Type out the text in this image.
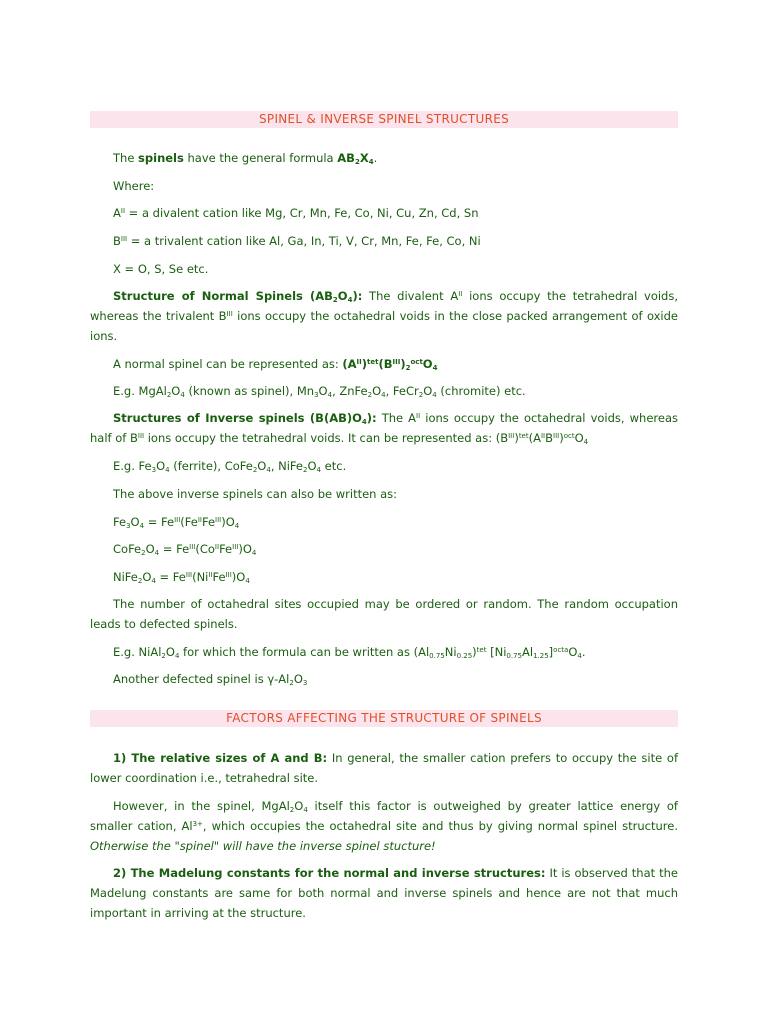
SPINEL & INVERSE SPINEL STRUCTURES

The spinels have the general formula $AB_2X_4$.

Where:

$A^{II} = a$ divalent cation like Mg, Cr, Mn, Fe, Co, Ni, Cu, Zn, Cd, Sn

$B^{III} = a$ trivalent cation like Al, Ga, In, Ti, V, Cr, Mn, Fe, Fe, Co, Ni

X = O, S, Se etc.

Structure of Normal Spinels $(AB_2O_4)$: The divalent $A^{II}$ ions occupy the tetrahedral voids, whereas the trivalent $B^{III}$ ions occupy the octahedral voids in the close packed arrangement of oxide ions.

A normal spinel can be represented as: $(A^{II})^{tet}(B^{III})_2^{oct}O_4$

E.g. $MgAl_2O_4$ (known as spinel), $Mn_3O_4$, $ZnFe_2O_4$, $FeCr_2O_4$ (chromite) etc.

Structures of Inverse spinels $(B(AB)O_4)$: The $A^{II}$ ions occupy the octahedral voids, whereas half of $B^{III}$ ions occupy the tetrahedral voids. It can be represented as: $(B^{III})^{tet}(A^{II}B^{III})^{oct}O_4$

E.g. $Fe_3O_4$ (ferrite), $CoFe_2O_4$, $NiFe_2O_4$ etc.

The above inverse spinels can also be written as:

$Fe_3O_4 = Fe^{III}(Fe^{II}Fe^{III})O_4$

$CoFe_2O_4 = Fe^{III}(Co^{II}Fe^{III})O_4$

$NiFe_2O_4 = Fe^{III}(Ni^{II}Fe^{III})O_4$

The number of octahedral sites occupied may be ordered or random. The random occupation leads to defected spinels.

E.g. $NiAl_2O_4$ for which the formula can be written as $(Al_{0.75}Ni_{0.25})^{tet}$ $[Ni_{0.75}Al_{1.25}]^{octa}O_4$.

Another defected spinel is $\gamma-Al_2O_3$

FACTORS AFFECTING THE STRUCTURE OF SPINELS

1) The relative sizes of A and B: In general, the smaller cation prefers to occupy the site of lower coordination i.e., tetrahedral site.

However, in the spinel, $MgAl_2O_4$ itself this factor is outweighed by greater lattice energy of smaller cation, $Al^{3+}$, which occupies the octahedral site and thus by giving normal spinel structure. Otherwise the "spinel" will have the inverse spinel stucture!

2) The Madelung constants for the normal and inverse structures: It is observed that the Madelung constants are same for both normal and inverse spinels and hence are not that much important in arriving at the structure.
